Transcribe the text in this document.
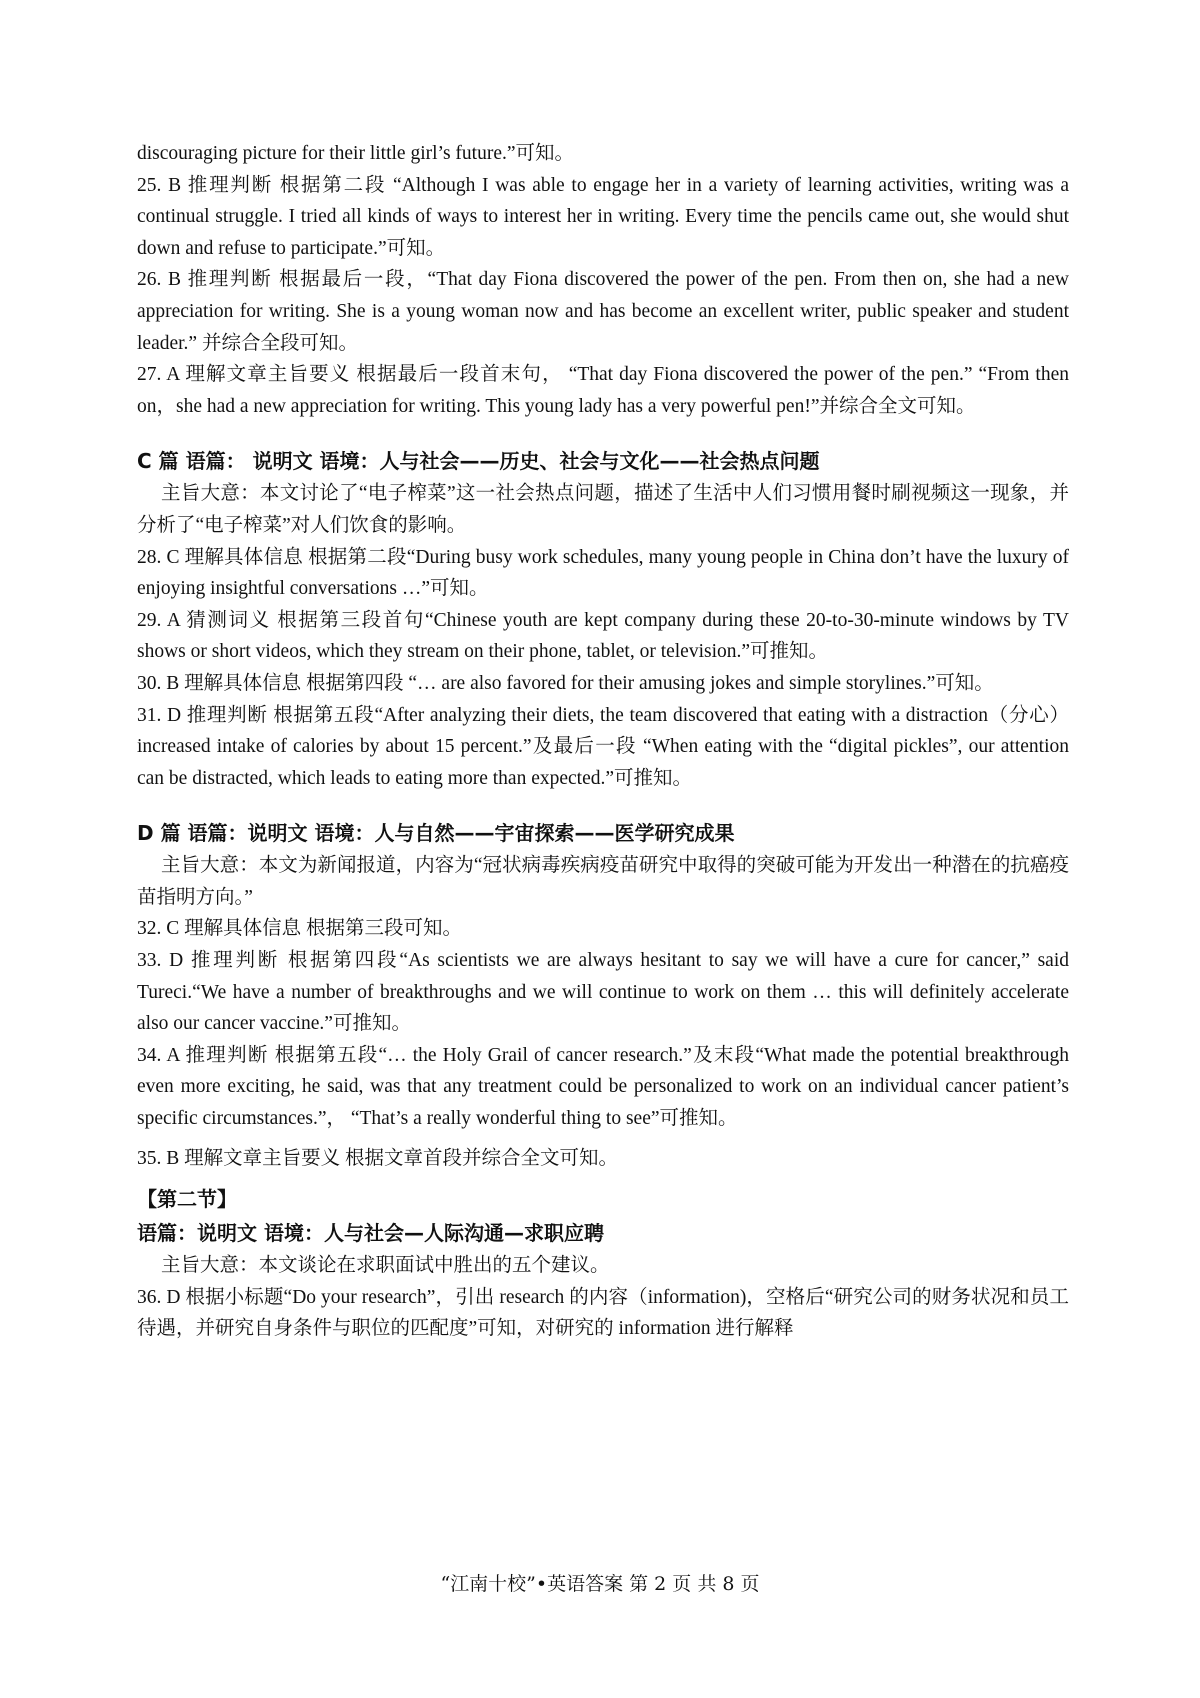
discouraging picture for their little girl’s future.”可知。

25. B 推理判断 根据第二段 “Although I was able to engage her in a variety of learning activities, writing was a continual struggle. I tried all kinds of ways to interest her in writing. Every time the pencils came out, she would shut down and refuse to participate.”可知。

26. B 推理判断 根据最后一段，“That day Fiona discovered the power of the pen. From then on, she had a new appreciation for writing. She is a young woman now and has become an excellent writer, public speaker and student leader.” 并综合全段可知。

27. A 理解文章主旨要义 根据最后一段首末句， “That day Fiona discovered the power of the pen.” “From then on，she had a new appreciation for writing. This young lady has a very powerful pen!”并综合全文可知。

C 篇 语篇： 说明文 语境：人与社会——历史、社会与文化——社会热点问题

主旨大意：本文讨论了“电子榨菜”这一社会热点问题，描述了生活中人们习惯用餐时刷视频这一现象，并分析了“电子榨菜”对人们饮食的影响。

28. C 理解具体信息 根据第二段“During busy work schedules, many young people in China don’t have the luxury of enjoying insightful conversations …”可知。

29. A 猜测词义 根据第三段首句“Chinese youth are kept company during these 20-to-30-minute windows by TV shows or short videos, which they stream on their phone, tablet, or television.”可推知。

30. B 理解具体信息 根据第四段 “… are also favored for their amusing jokes and simple storylines.”可知。

31. D 推理判断 根据第五段“After analyzing their diets, the team discovered that eating with a distraction（分心）increased intake of calories by about 15 percent.”及最后一段 “When eating with the “digital pickles”, our attention can be distracted, which leads to eating more than expected.”可推知。

D 篇 语篇：说明文 语境：人与自然——宇宙探索——医学研究成果

主旨大意：本文为新闻报道，内容为“冠状病毒疾病疫苗研究中取得的突破可能为开发出一种潜在的抗癌疫苗指明方向。”

32. C 理解具体信息 根据第三段可知。

33. D 推理判断 根据第四段“As scientists we are always hesitant to say we will have a cure for cancer,” said Tureci.“We have a number of breakthroughs and we will continue to work on them … this will definitely accelerate also our cancer vaccine.”可推知。

34. A 推理判断 根据第五段“… the Holy Grail of cancer research.”及末段“What made the potential breakthrough even more exciting, he said, was that any treatment could be personalized to work on an individual cancer patient’s specific circumstances.”， “That’s a really wonderful thing to see”可推知。

35. B 理解文章主旨要义 根据文章首段并综合全文可知。

【第二节】

语篇：说明文 语境：人与社会—人际沟通—求职应聘

主旨大意：本文谈论在求职面试中胜出的五个建议。

36. D 根据小标题“Do your research”，引出 research 的内容（information)，空格后“研究公司的财务状况和员工待遇，并研究自身条件与职位的匹配度”可知，对研究的 information 进行解释

“江南十校”•英语答案 第 2 页 共 8 页
